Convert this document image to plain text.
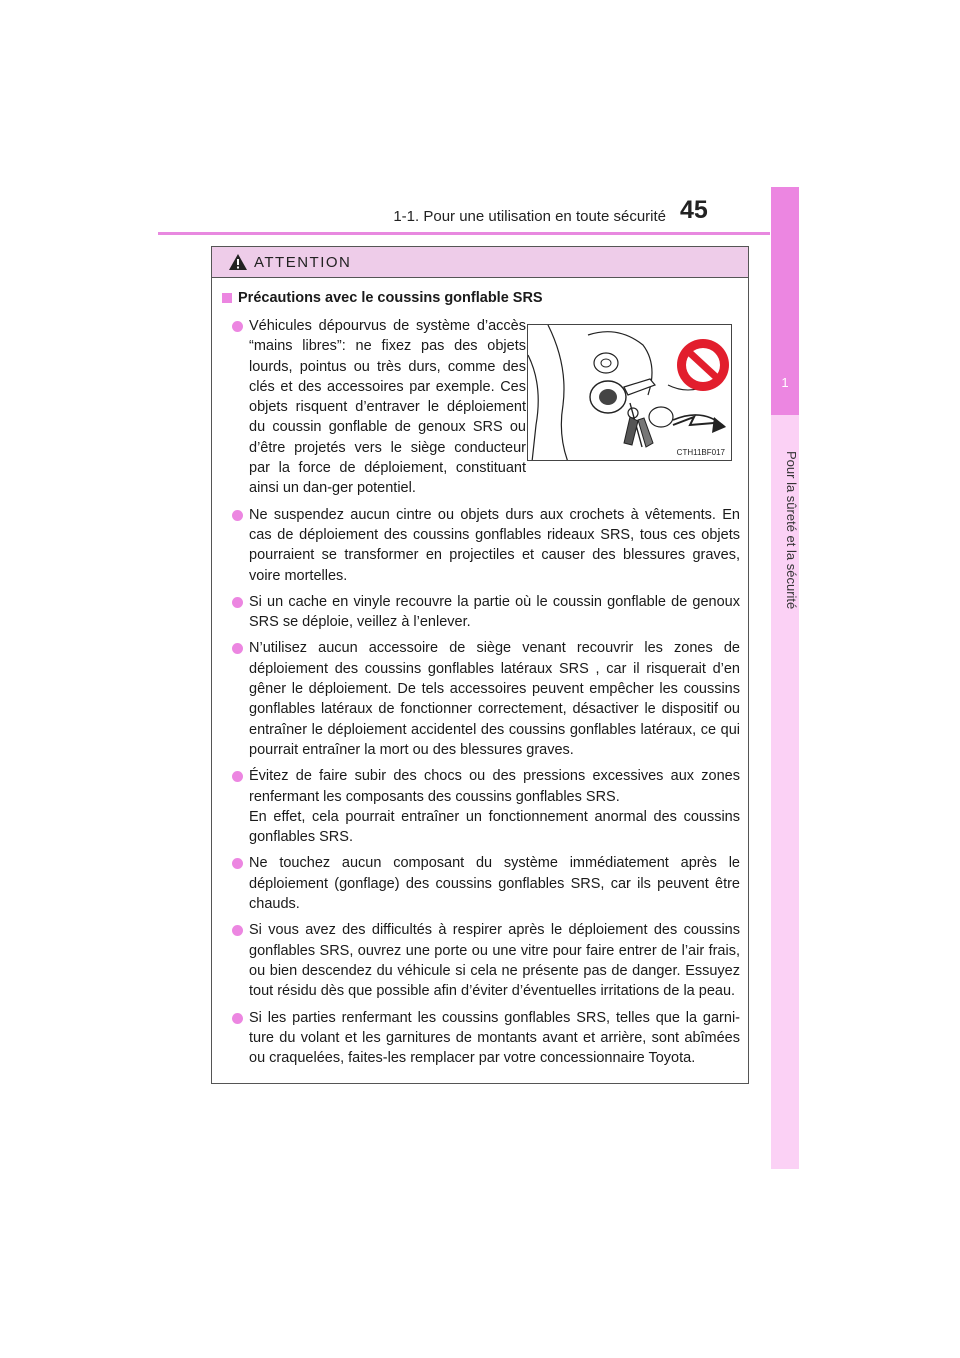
1-1. Pour une utilisation en toute sécurité 45
1
Pour la sûreté et la sécurité
ATTENTION
Précautions avec le coussins gonflable SRS
Véhicules dépourvus de système d’accès “mains libres”: ne fixez pas des objets lourds, pointus ou très durs, comme des clés et des accessoires par exemple. Ces objets risquent d’entraver le déploiement du coussin gonflable de genoux SRS ou d’être projetés vers le siège conducteur par la force de déploiement, constituant ainsi un dan-ger potentiel.
CTH11BF017
Ne suspendez aucun cintre ou objets durs aux crochets à vêtements. En cas de déploiement des coussins gonflables rideaux SRS, tous ces objets pourraient se transformer en projectiles et causer des blessures graves, voire mortelles.
Si un cache en vinyle recouvre la partie où le coussin gonflable de genoux SRS se déploie, veillez à l’enlever.
N’utilisez aucun accessoire de siège venant recouvrir les zones de déploiement des coussins gonflables latéraux SRS , car il risquerait d’en gêner le déploiement. De tels accessoires peuvent empêcher les coussins gonflables latéraux de fonctionner correctement, désactiver le dispositif ou entraîner le déploiement accidentel des coussins gonflables latéraux, ce qui pourrait entraîner la mort ou des blessures graves.
Évitez de faire subir des chocs ou des pressions excessives aux zones renfermant les composants des coussins gonflables SRS.
En effet, cela pourrait entraîner un fonctionnement anormal des coussins gonflables SRS.
Ne touchez aucun composant du système immédiatement après le déploiement (gonflage) des coussins gonflables SRS, car ils peuvent être chauds.
Si vous avez des difficultés à respirer après le déploiement des coussins gonflables SRS, ouvrez une porte ou une vitre pour faire entrer de l’air frais, ou bien descendez du véhicule si cela ne présente pas de danger. Essuyez tout résidu dès que possible afin d’éviter d’éventuelles irritations de la peau.
Si les parties renfermant les coussins gonflables SRS, telles que la garni-ture du volant et les garnitures de montants avant et arrière, sont abîmées ou craquelées, faites-les remplacer par votre concessionnaire Toyota.
